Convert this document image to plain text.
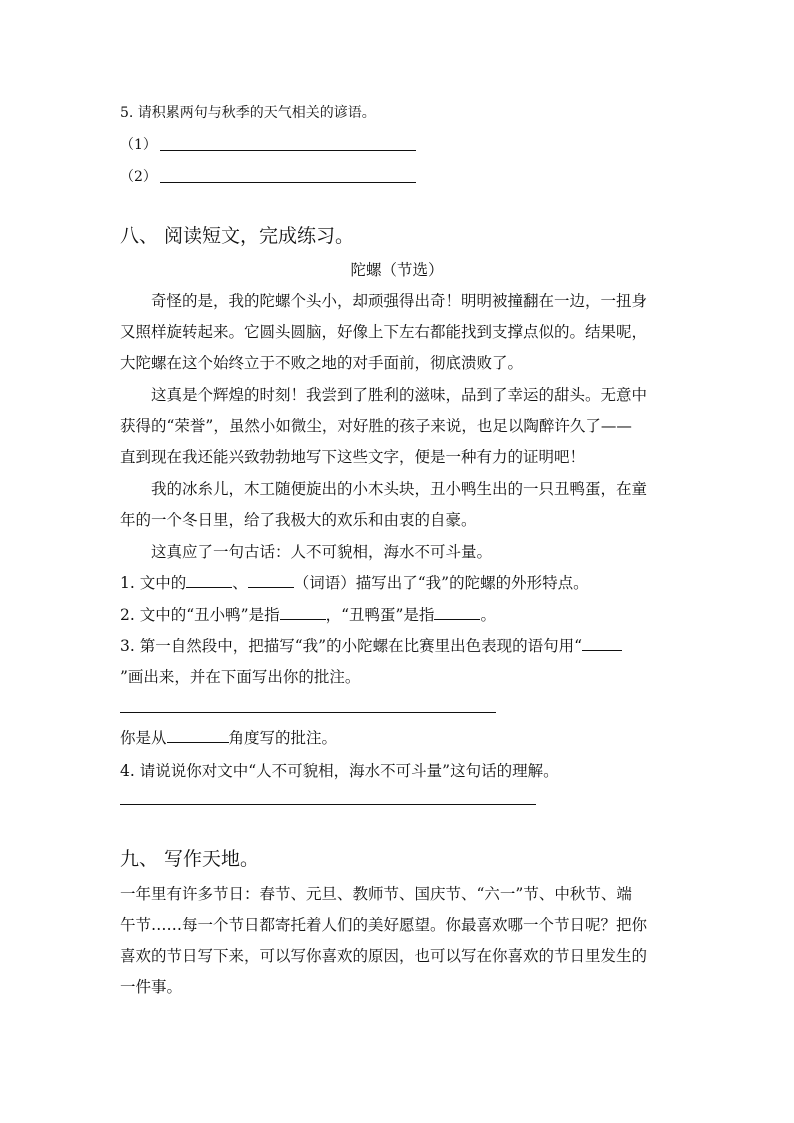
5. 请积累两句与秋季的天气相关的谚语。
（1）
（2）
八、 阅读短文，完成练习。
陀螺（节选）
奇怪的是，我的陀螺个头小，却顽强得出奇！明明被撞翻在一边，一扭身
又照样旋转起来。它圆头圆脑，好像上下左右都能找到支撑点似的。结果呢，
大陀螺在这个始终立于不败之地的对手面前，彻底溃败了。
这真是个辉煌的时刻！我尝到了胜利的滋味，品到了幸运的甜头。无意中
获得的“荣誉”，虽然小如微尘，对好胜的孩子来说，也足以陶醉许久了——
直到现在我还能兴致勃勃地写下这些文字，便是一种有力的证明吧！
我的冰糸儿，木工随便旋出的小木头块，丑小鸭生出的一只丑鸭蛋，在童
年的一个冬日里，给了我极大的欢乐和由衷的自豪。
这真应了一句古话：人不可貌相，海水不可斗量。
1. 文中的	、	（词语）描写出了“我”的陀螺的外形特点。
2. 文中的“丑小鸭”是指	，“丑鸭蛋”是指	。
3. 第一自然段中，把描写“我”的小陀螺在比赛里出色表现的语句用“
”画出来，并在下面写出你的批注。
你是从	角度写的批注。
4. 请说说你对文中“人不可貌相，海水不可斗量”这句话的理解。
九、 写作天地。
一年里有许多节日：春节、元旦、教师节、国庆节、“六一”节、中秋节、端
午节……每一个节日都寄托着人们的美好愿望。你最喜欢哪一个节日呢？把你
喜欢的节日写下来，可以写你喜欢的原因，也可以写在你喜欢的节日里发生的
一件事。
